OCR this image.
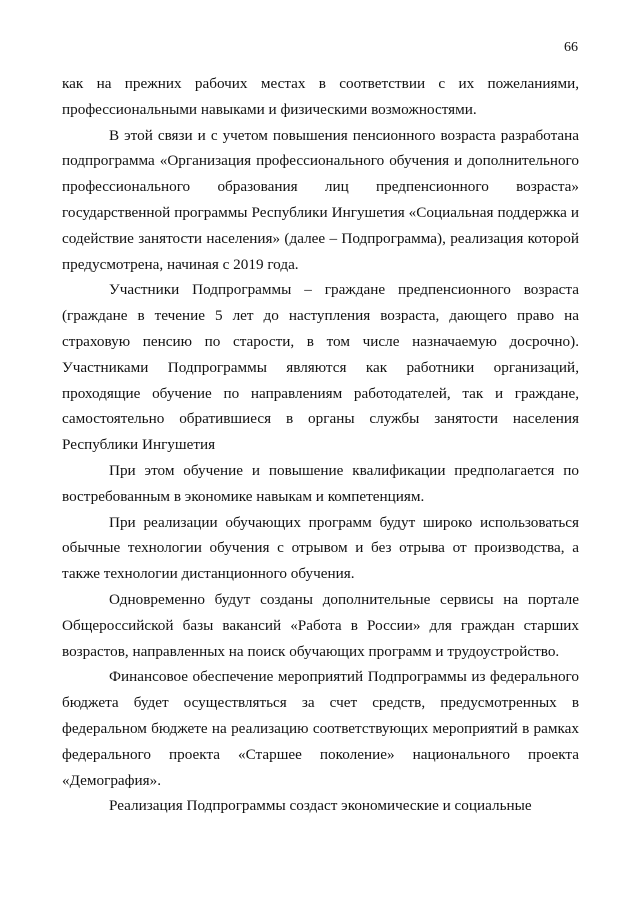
66

как на прежних рабочих местах в соответствии с их пожеланиями, профессиональными навыками и физическими возможностями.

В этой связи и с учетом повышения пенсионного возраста разработана подпрограмма «Организация профессионального обучения и дополнительного профессионального образования лиц предпенсионного возраста» государственной программы Республики Ингушетия «Социальная поддержка и содействие занятости населения» (далее – Подпрограмма), реализация которой предусмотрена, начиная с 2019 года.

Участники Подпрограммы – граждане предпенсионного возраста (граждане в течение 5 лет до наступления возраста, дающего право на страховую пенсию по старости, в том числе назначаемую досрочно). Участниками Подпрограммы являются как работники организаций, проходящие обучение по направлениям работодателей, так и граждане, самостоятельно обратившиеся в органы службы занятости населения Республики Ингушетия

При этом обучение и повышение квалификации предполагается по востребованным в экономике навыкам и компетенциям.

При реализации обучающих программ будут широко использоваться обычные технологии обучения с отрывом и без отрыва от производства, а также технологии дистанционного обучения.

Одновременно будут созданы дополнительные сервисы на портале Общероссийской базы вакансий «Работа в России» для граждан старших возрастов, направленных на поиск обучающих программ и трудоустройство.

Финансовое обеспечение мероприятий Подпрограммы из федерального бюджета будет осуществляться за счет средств, предусмотренных в федеральном бюджете на реализацию соответствующих мероприятий в рамках федерального проекта «Старшее поколение» национального проекта «Демография».

Реализация Подпрограммы создаст экономические и социальные
